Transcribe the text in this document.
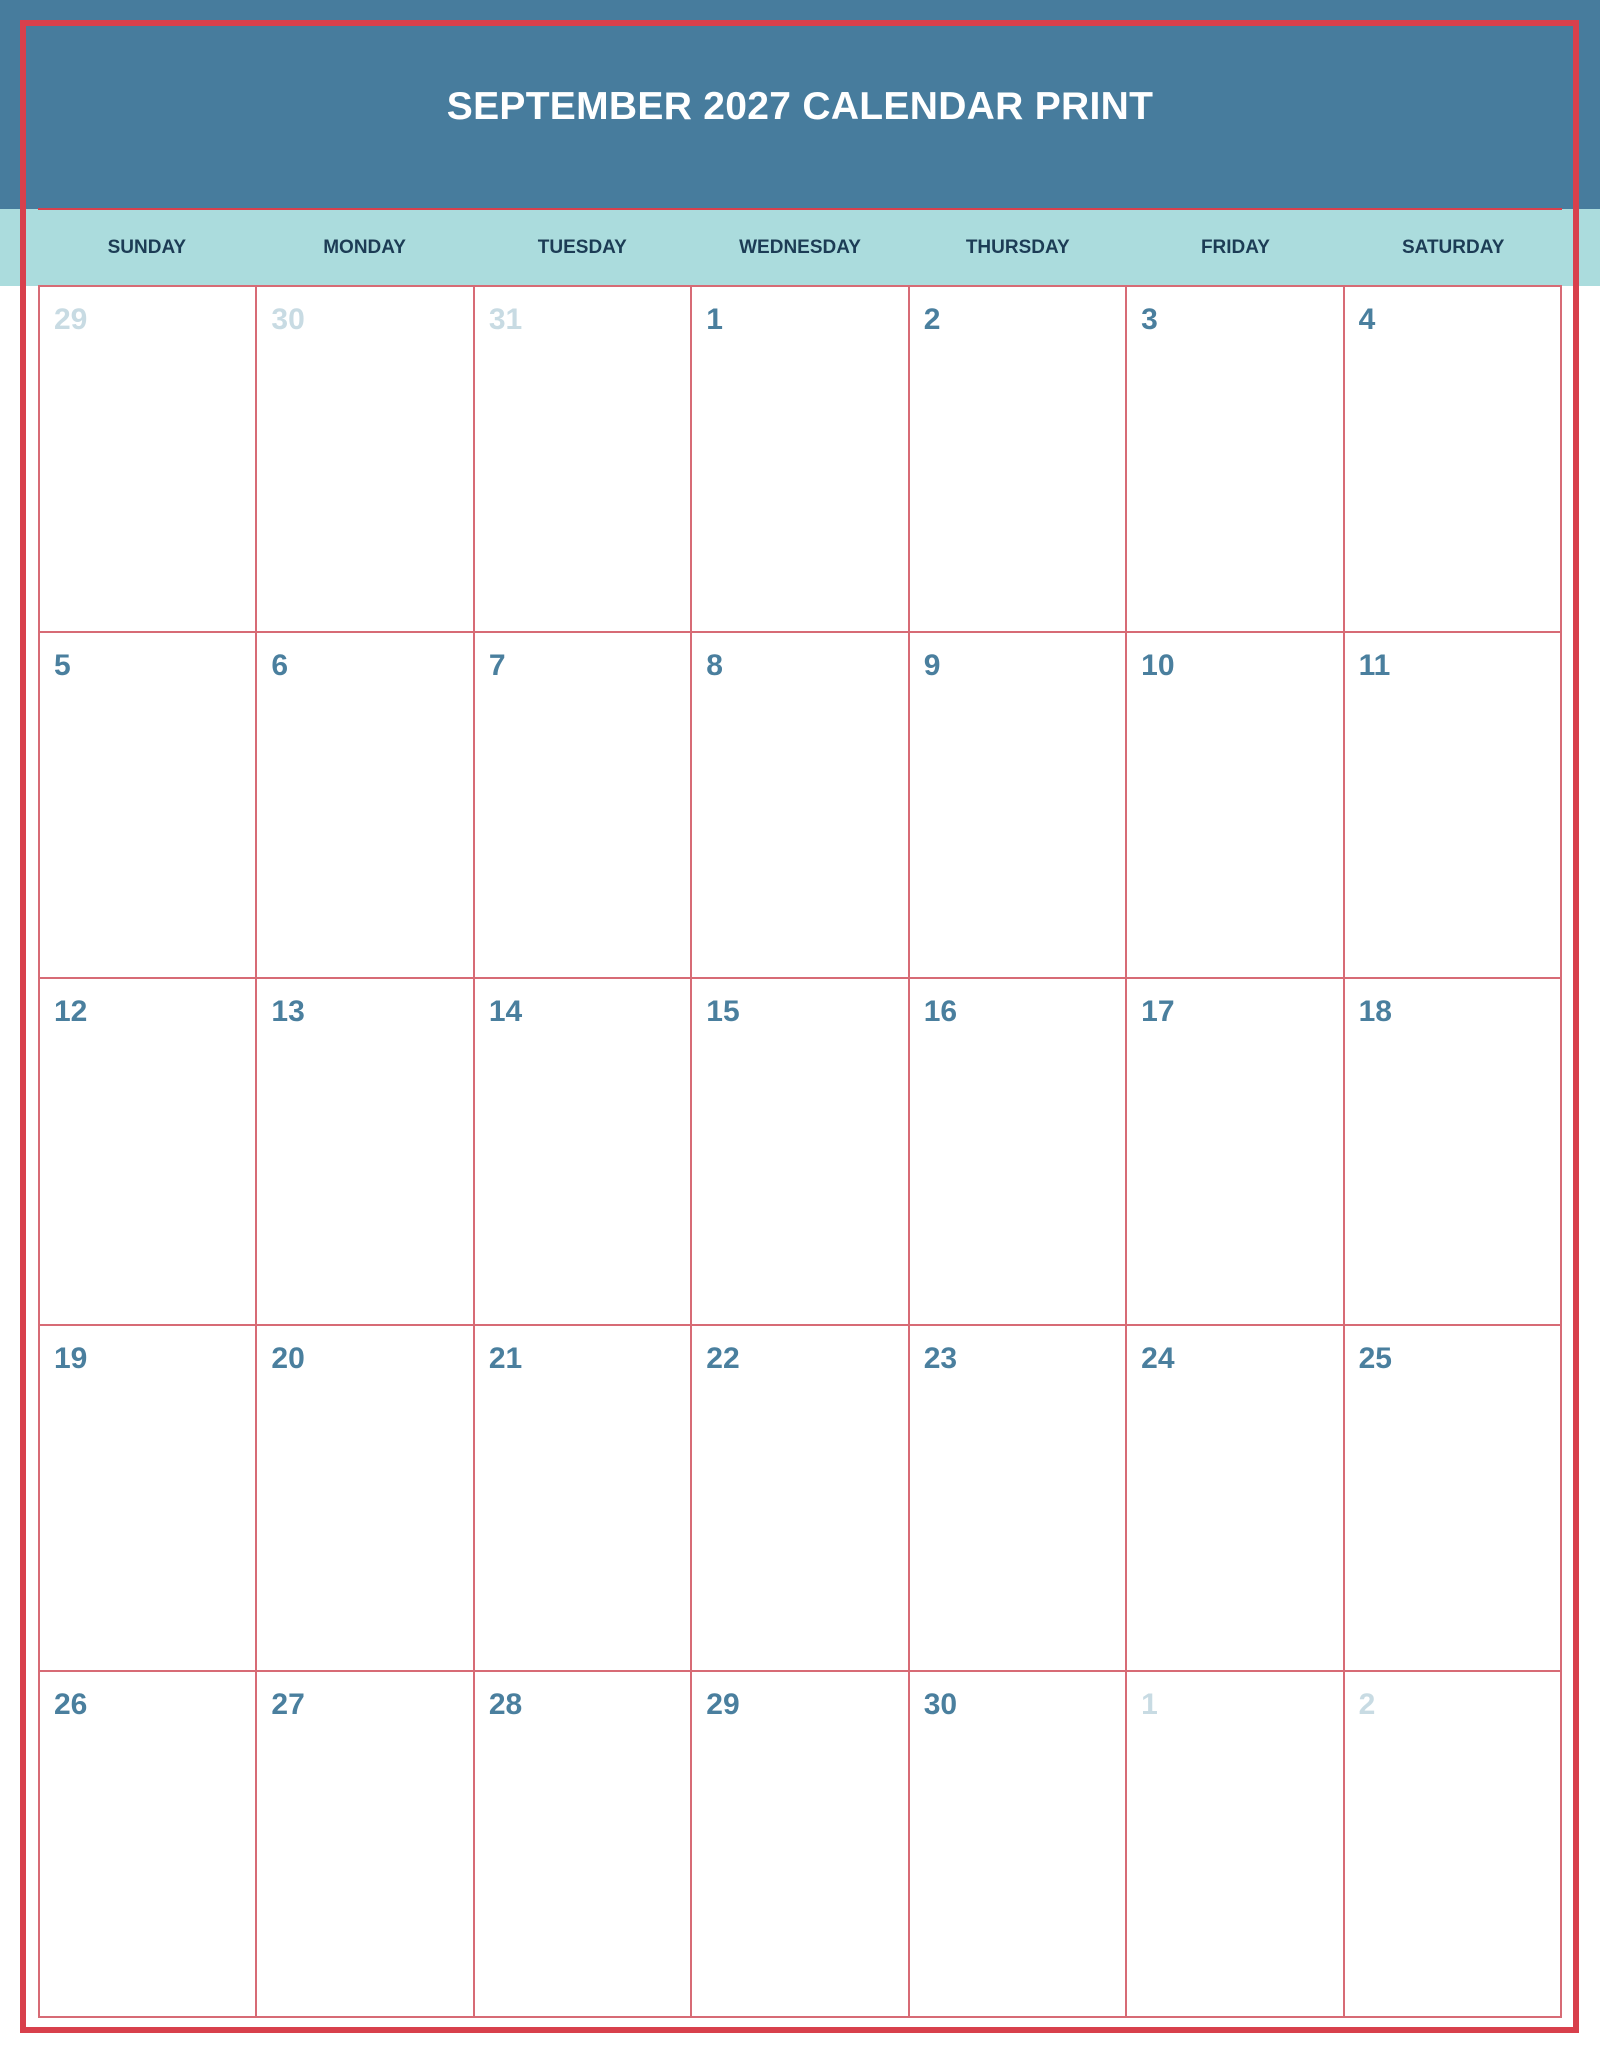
SEPTEMBER 2027 CALENDAR PRINT
SUNDAY	MONDAY	TUESDAY	WEDNESDAY	THURSDAY	FRIDAY	SATURDAY
29	30	31	1	2	3	4
5	6	7	8	9	10	11
12	13	14	15	16	17	18
19	20	21	22	23	24	25
26	27	28	29	30	1	2
